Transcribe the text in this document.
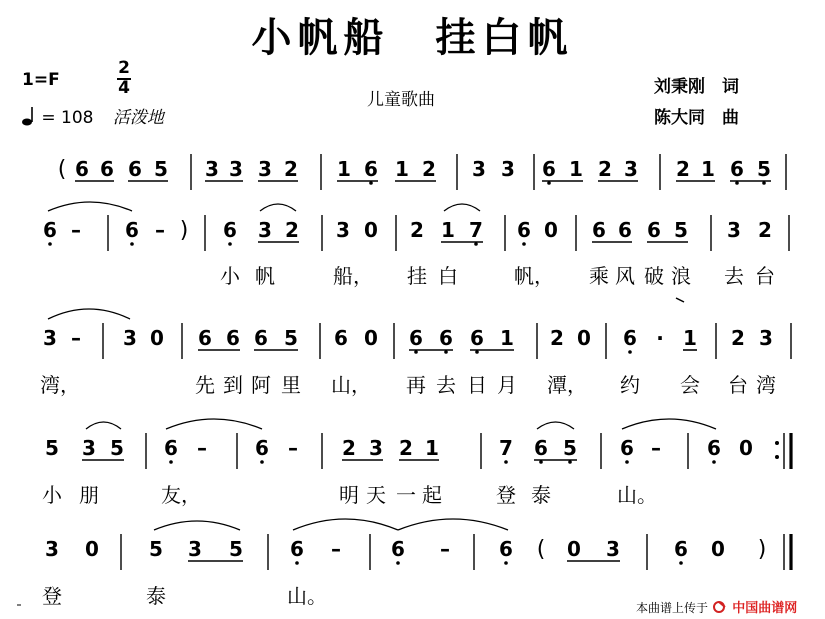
小帆船　挂白帆
1=F
2
4
= 108 活泼地
儿童歌曲
刘秉刚　词
陈大同　曲
( 6 6 6 5 3 3 3 2 1 6 1 2 3 3 6 1 2 3 2 1 6 5
6 – 6 – ) 6 3 2 3 0 2 1 7 6 0 6 6 6 5 3 2
3 – 3 0 6 6 6 5 6 0 6 6 6 1 2 0 6 · 1 2 3
5 3 5 6 – 6 – 2 3 2 1	7 6 5 6 – 6 0
3 0	5 3 5 6 –	6 – 6 ( 0 3	6 0 )
小 帆	船， 挂 白	帆， 乘 风 破 浪 去 台
湾，	先 到 阿 里 山， 再 去 日 月 潭， 约 会 台 湾
小 朋	友，	明 天 一 起	登 泰	山。
登	泰	山。	本曲谱上传于 中国曲谱网
